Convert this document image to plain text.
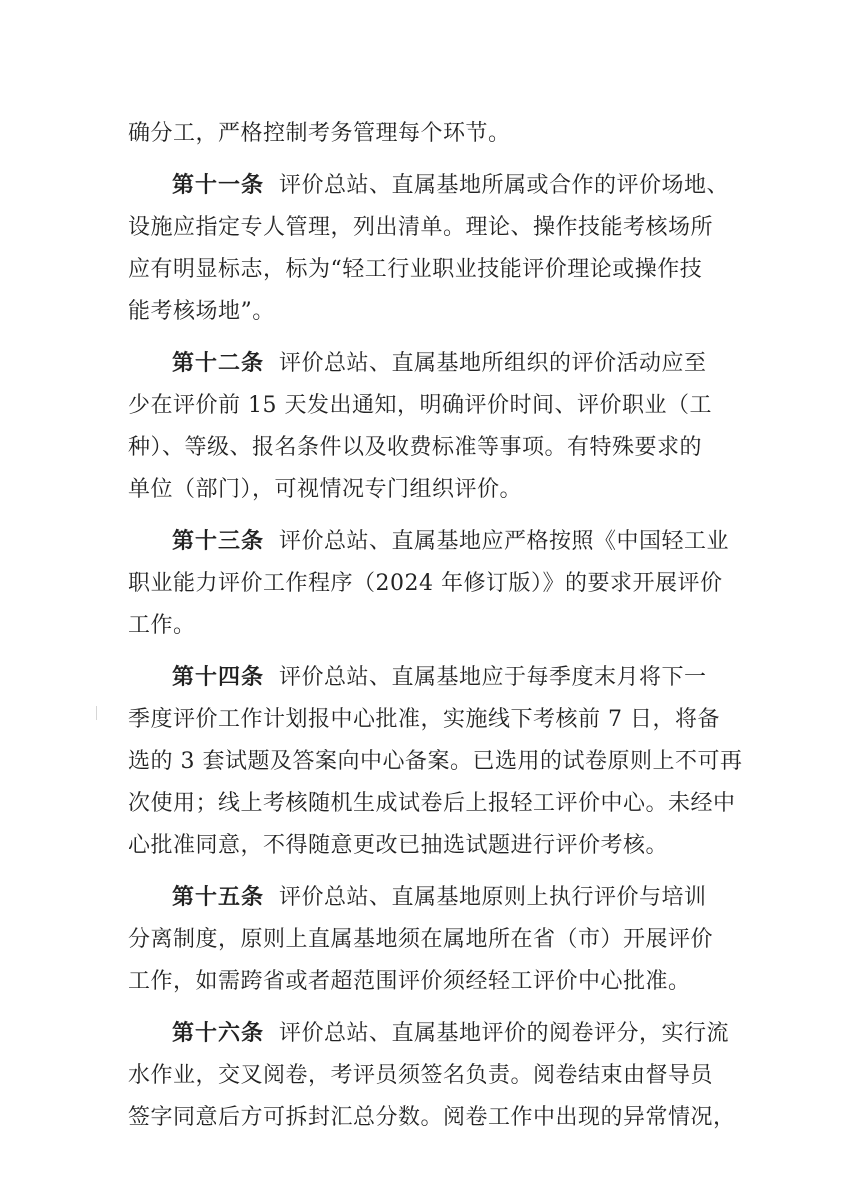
确分工，严格控制考务管理每个环节。
第十一条 评价总站、直属基地所属或合作的评价场地、
设施应指定专人管理，列出清单。理论、操作技能考核场所
应有明显标志，标为“轻工行业职业技能评价理论或操作技
能考核场地”。
第十二条 评价总站、直属基地所组织的评价活动应至
少在评价前 15 天发出通知，明确评价时间、评价职业（工
种）、等级、报名条件以及收费标准等事项。有特殊要求的
单位（部门），可视情况专门组织评价。
第十三条 评价总站、直属基地应严格按照《中国轻工业
职业能力评价工作程序（2024 年修订版）》的要求开展评价
工作。
第十四条 评价总站、直属基地应于每季度末月将下一
季度评价工作计划报中心批准，实施线下考核前 7 日，将备
选的 3 套试题及答案向中心备案。已选用的试卷原则上不可再
次使用；线上考核随机生成试卷后上报轻工评价中心。未经中
心批准同意，不得随意更改已抽选试题进行评价考核。
第十五条 评价总站、直属基地原则上执行评价与培训
分离制度，原则上直属基地须在属地所在省（市）开展评价
工作，如需跨省或者超范围评价须经轻工评价中心批准。
第十六条 评价总站、直属基地评价的阅卷评分，实行流
水作业，交叉阅卷，考评员须签名负责。阅卷结束由督导员
签字同意后方可拆封汇总分数。阅卷工作中出现的异常情况，
